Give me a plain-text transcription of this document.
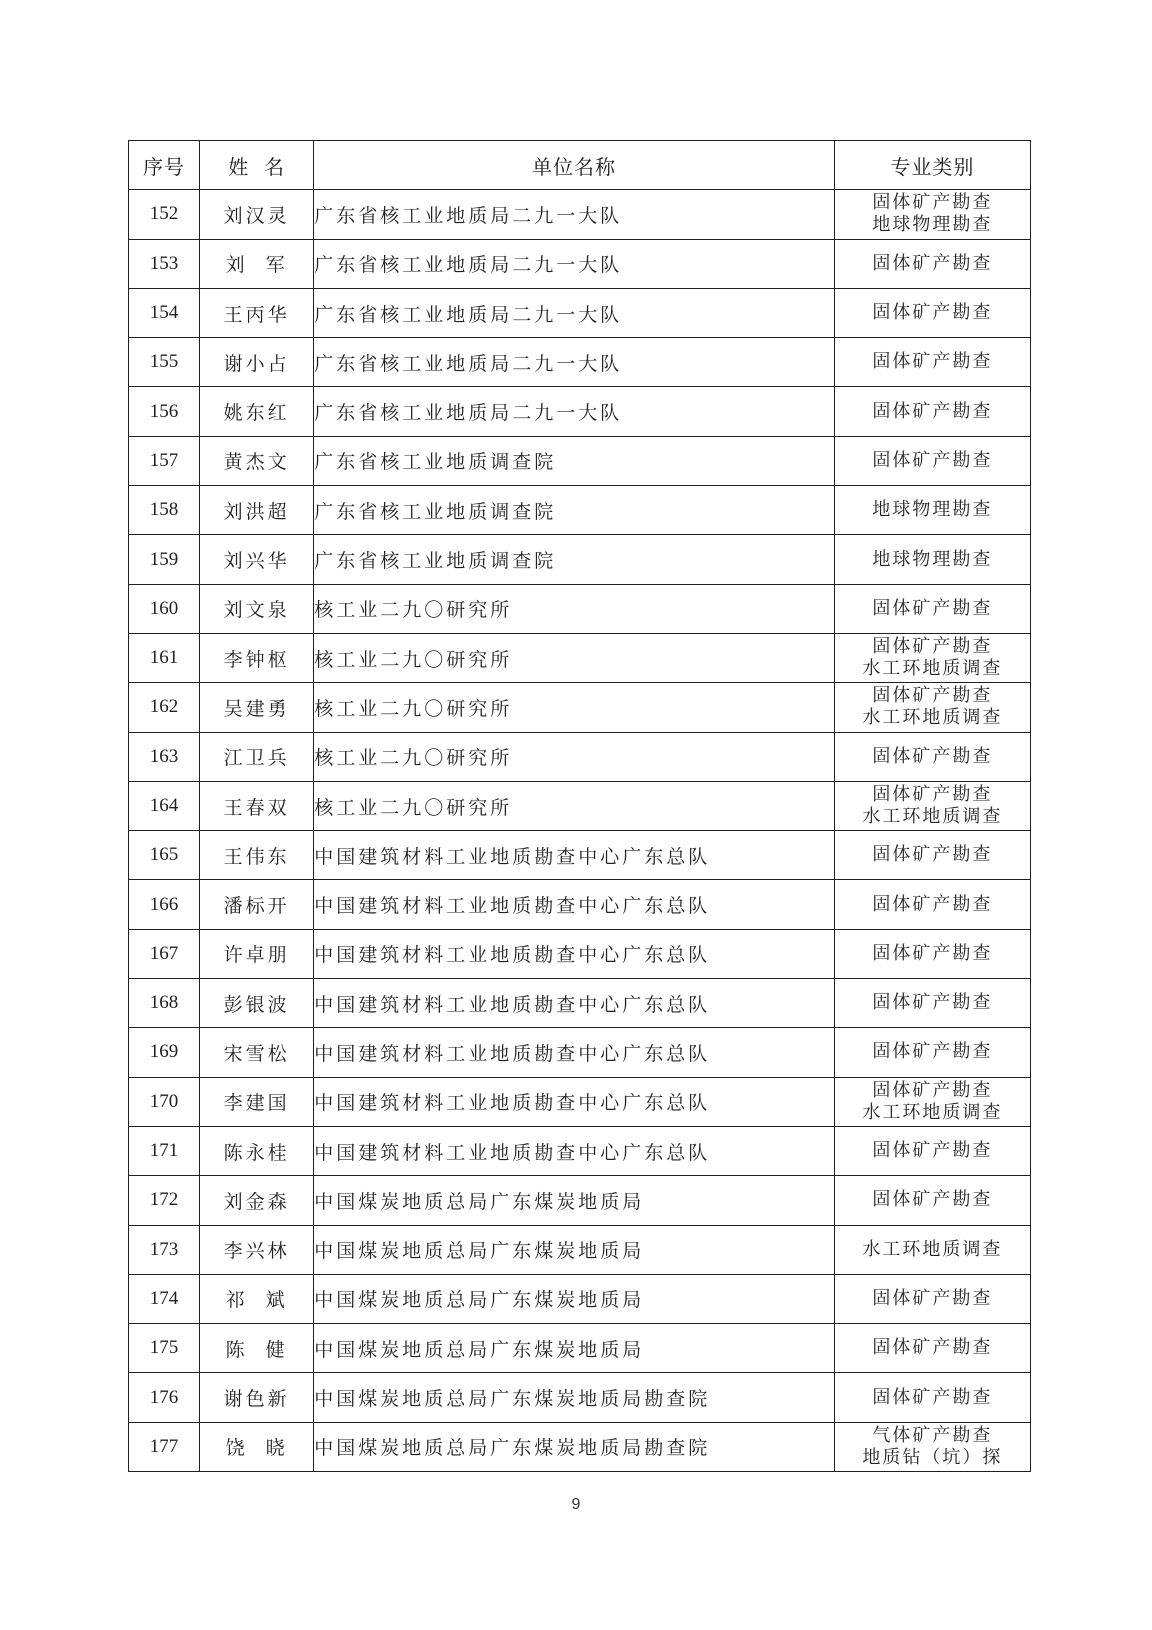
序号	姓  名	单位名称	专业类别
152	刘汉灵	广东省核工业地质局二九一大队	固体矿产勘查
地球物理勘查

153	刘  军	广东省核工业地质局二九一大队	固体矿产勘查

154	王丙华	广东省核工业地质局二九一大队	固体矿产勘查

155	谢小占	广东省核工业地质局二九一大队	固体矿产勘查

156	姚东红	广东省核工业地质局二九一大队	固体矿产勘查

157	黄杰文	广东省核工业地质调查院	固体矿产勘查

158	刘洪超	广东省核工业地质调查院	地球物理勘查

159	刘兴华	广东省核工业地质调查院	地球物理勘查

160	刘文泉	核工业二九〇研究所	固体矿产勘查

161	李钟枢	核工业二九〇研究所	固体矿产勘查
水工环地质调查

162	吴建勇	核工业二九〇研究所	固体矿产勘查
水工环地质调查

163	江卫兵	核工业二九〇研究所	固体矿产勘查

164	王春双	核工业二九〇研究所	固体矿产勘查
水工环地质调查

165	王伟东	中国建筑材料工业地质勘查中心广东总队	固体矿产勘查

166	潘标开	中国建筑材料工业地质勘查中心广东总队	固体矿产勘查

167	许卓朋	中国建筑材料工业地质勘查中心广东总队	固体矿产勘查

168	彭银波	中国建筑材料工业地质勘查中心广东总队	固体矿产勘查

169	宋雪松	中国建筑材料工业地质勘查中心广东总队	固体矿产勘查

170	李建国	中国建筑材料工业地质勘查中心广东总队	固体矿产勘查
水工环地质调查

171	陈永桂	中国建筑材料工业地质勘查中心广东总队	固体矿产勘查

172	刘金森	中国煤炭地质总局广东煤炭地质局	固体矿产勘查

173	李兴林	中国煤炭地质总局广东煤炭地质局	水工环地质调查

174	祁  斌	中国煤炭地质总局广东煤炭地质局	固体矿产勘查

175	陈  健	中国煤炭地质总局广东煤炭地质局	固体矿产勘查

176	谢色新	中国煤炭地质总局广东煤炭地质局勘查院	固体矿产勘查

177	饶  晓	中国煤炭地质总局广东煤炭地质局勘查院	气体矿产勘查
地质钻（坑）探
9
